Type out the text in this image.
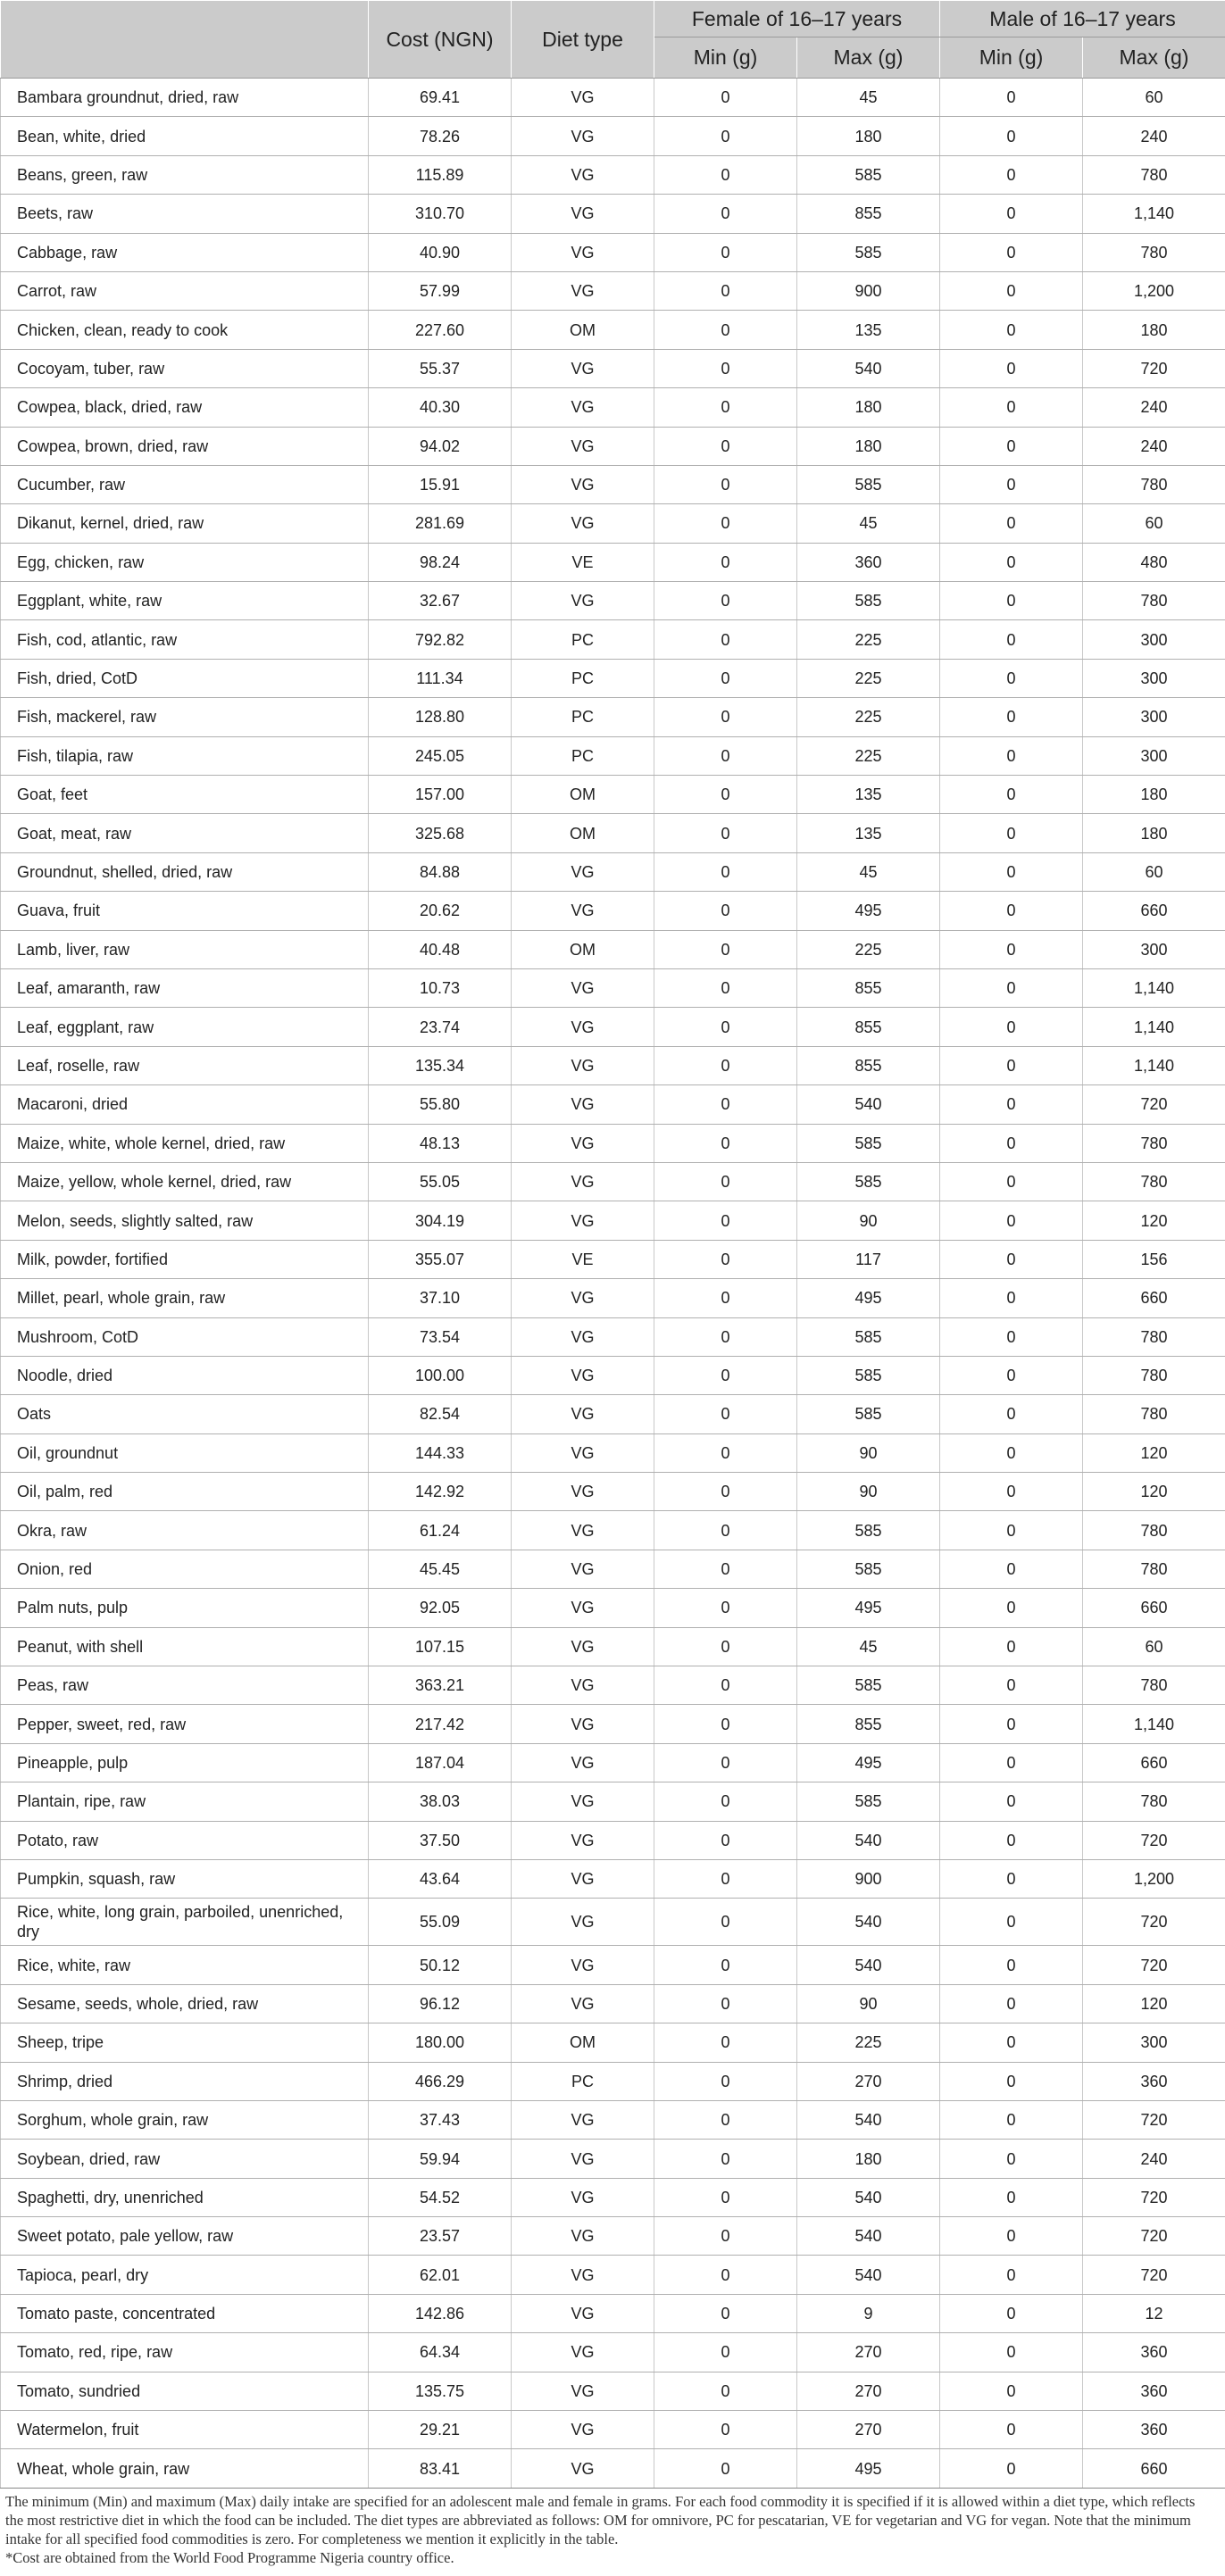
	Cost (NGN)	Diet type	Female of 16–17 years		Male of 16–17 years	
			Min (g)	Max (g)	Min (g)	Max (g)
Bambara groundnut, dried, raw	69.41	VG	0	45	0	60
Bean, white, dried	78.26	VG	0	180	0	240
Beans, green, raw	115.89	VG	0	585	0	780
Beets, raw	310.70	VG	0	855	0	1,140
Cabbage, raw	40.90	VG	0	585	0	780
Carrot, raw	57.99	VG	0	900	0	1,200
Chicken, clean, ready to cook	227.60	OM	0	135	0	180
Cocoyam, tuber, raw	55.37	VG	0	540	0	720
Cowpea, black, dried, raw	40.30	VG	0	180	0	240
Cowpea, brown, dried, raw	94.02	VG	0	180	0	240
Cucumber, raw	15.91	VG	0	585	0	780
Dikanut, kernel, dried, raw	281.69	VG	0	45	0	60
Egg, chicken, raw	98.24	VE	0	360	0	480
Eggplant, white, raw	32.67	VG	0	585	0	780
Fish, cod, atlantic, raw	792.82	PC	0	225	0	300
Fish, dried, CotD	111.34	PC	0	225	0	300
Fish, mackerel, raw	128.80	PC	0	225	0	300
Fish, tilapia, raw	245.05	PC	0	225	0	300
Goat, feet	157.00	OM	0	135	0	180
Goat, meat, raw	325.68	OM	0	135	0	180
Groundnut, shelled, dried, raw	84.88	VG	0	45	0	60
Guava, fruit	20.62	VG	0	495	0	660
Lamb, liver, raw	40.48	OM	0	225	0	300
Leaf, amaranth, raw	10.73	VG	0	855	0	1,140
Leaf, eggplant, raw	23.74	VG	0	855	0	1,140
Leaf, roselle, raw	135.34	VG	0	855	0	1,140
Macaroni, dried	55.80	VG	0	540	0	720
Maize, white, whole kernel, dried, raw	48.13	VG	0	585	0	780
Maize, yellow, whole kernel, dried, raw	55.05	VG	0	585	0	780
Melon, seeds, slightly salted, raw	304.19	VG	0	90	0	120
Milk, powder, fortified	355.07	VE	0	117	0	156
Millet, pearl, whole grain, raw	37.10	VG	0	495	0	660
Mushroom, CotD	73.54	VG	0	585	0	780
Noodle, dried	100.00	VG	0	585	0	780
Oats	82.54	VG	0	585	0	780
Oil, groundnut	144.33	VG	0	90	0	120
Oil, palm, red	142.92	VG	0	90	0	120
Okra, raw	61.24	VG	0	585	0	780
Onion, red	45.45	VG	0	585	0	780
Palm nuts, pulp	92.05	VG	0	495	0	660
Peanut, with shell	107.15	VG	0	45	0	60
Peas, raw	363.21	VG	0	585	0	780
Pepper, sweet, red, raw	217.42	VG	0	855	0	1,140
Pineapple, pulp	187.04	VG	0	495	0	660
Plantain, ripe, raw	38.03	VG	0	585	0	780
Potato, raw	37.50	VG	0	540	0	720
Pumpkin, squash, raw	43.64	VG	0	900	0	1,200
Rice, white, long grain, parboiled, unenriched, dry	55.09	VG	0	540	0	720
Rice, white, raw	50.12	VG	0	540	0	720
Sesame, seeds, whole, dried, raw	96.12	VG	0	90	0	120
Sheep, tripe	180.00	OM	0	225	0	300
Shrimp, dried	466.29	PC	0	270	0	360
Sorghum, whole grain, raw	37.43	VG	0	540	0	720
Soybean, dried, raw	59.94	VG	0	180	0	240
Spaghetti, dry, unenriched	54.52	VG	0	540	0	720
Sweet potato, pale yellow, raw	23.57	VG	0	540	0	720
Tapioca, pearl, dry	62.01	VG	0	540	0	720
Tomato paste, concentrated	142.86	VG	0	9	0	12
Tomato, red, ripe, raw	64.34	VG	0	270	0	360
Tomato, sundried	135.75	VG	0	270	0	360
Watermelon, fruit	29.21	VG	0	270	0	360
Wheat, whole grain, raw	83.41	VG	0	495	0	660

The minimum (Min) and maximum (Max) daily intake are specified for an adolescent male and female in grams. For each food commodity it is specified if it is allowed within a diet type, which reflects the most restrictive diet in which the food can be included. The diet types are abbreviated as follows: OM for omnivore, PC for pescatarian, VE for vegetarian and VG for vegan. Note that the minimum intake for all specified food commodities is zero. For completeness we mention it explicitly in the table.

*Cost are obtained from the World Food Programme Nigeria country office.
